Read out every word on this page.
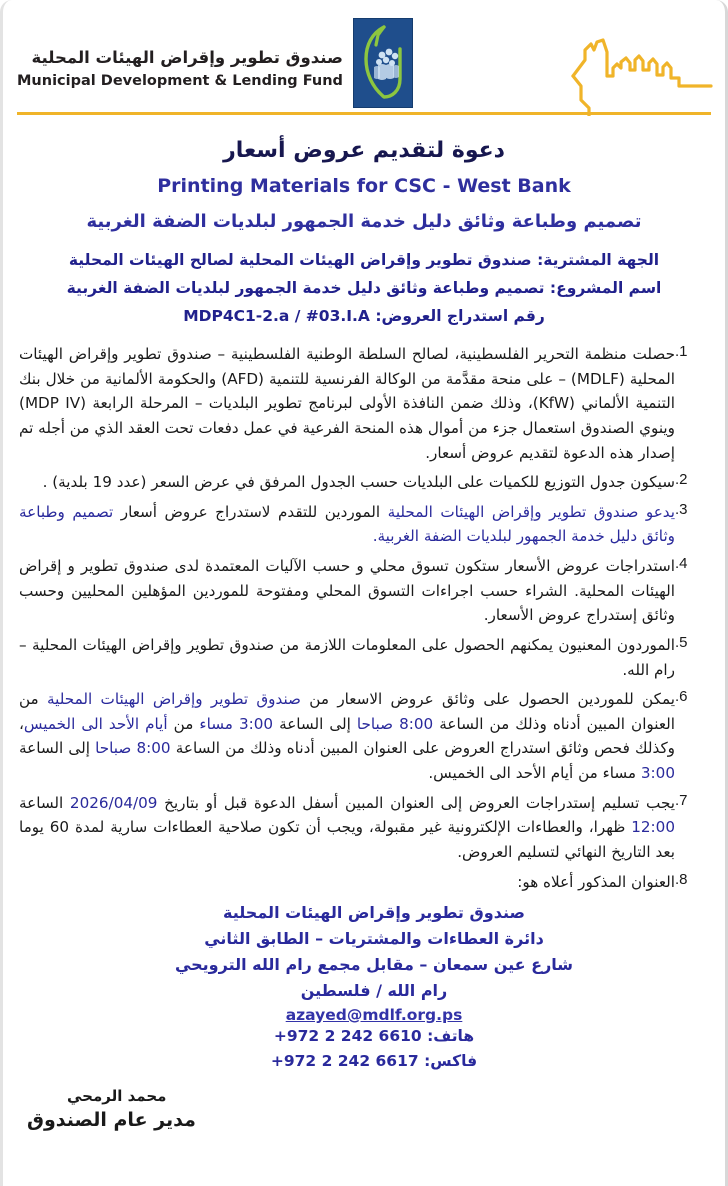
صندوق تطوير وإقراض الهيئات المحلية
Municipal Development & Lending Fund
دعوة لتقديم عروض أسعار
Printing Materials for CSC - West Bank
تصميم وطباعة وثائق دليل خدمة الجمهور لبلديات الضفة الغربية
الجهة المشترية: صندوق تطوير وإقراض الهيئات المحلية لصالح الهيئات المحلية
اسم المشروع: تصميم وطباعة وثائق دليل خدمة الجمهور لبلديات الضفة الغربية
رقم استدراج العروض: MDP4C1-2.a / #03.I.A
1.
حصلت منظمة التحرير الفلسطينية، لصالح السلطة الوطنية الفلسطينية – صندوق تطوير وإقراض الهيئات المحلية (MDLF) – على منحة مقدَّمة من الوكالة الفرنسية للتنمية (AFD) والحكومة الألمانية من خلال بنك التنمية الألماني (KfW)، وذلك ضمن النافذة الأولى لبرنامج تطوير البلديات – المرحلة الرابعة (MDP IV) وينوي الصندوق استعمال جزء من أموال هذه المنحة الفرعية في عمل دفعات تحت العقد الذي من أجله تم إصدار هذه الدعوة لتقديم عروض أسعار.
2.
سيكون جدول التوزيع للكميات على البلديات حسب الجدول المرفق في عرض السعر (عدد 19 بلدية) .
3.
يدعو صندوق تطوير وإقراض الهيئات المحلية الموردين للتقدم لاستدراج عروض أسعار تصميم وطباعة وثائق دليل خدمة الجمهور لبلديات الضفة الغربية.
4.
استدراجات عروض الأسعار ستكون تسوق محلي و حسب الآليات المعتمدة لدى صندوق تطوير و إقراض الهيئات المحلية. الشراء حسب اجراءات التسوق المحلي ومفتوحة للموردين المؤهلين المحليين وحسب وثائق إستدراج عروض الأسعار.
5.
الموردون المعنيون يمكنهم الحصول على المعلومات اللازمة من صندوق تطوير وإقراض الهيئات المحلية – رام الله.
6.
يمكن للموردين الحصول على وثائق عروض الاسعار من صندوق تطوير وإقراض الهيئات المحلية من العنوان المبين أدناه وذلك من الساعة 8:00 صباحا إلى الساعة 3:00 مساء من أيام الأحد الى الخميس، وكذلك فحص وثائق استدراج العروض على العنوان المبين أدناه وذلك من الساعة 8:00 صباحا إلى الساعة 3:00 مساء من أيام الأحد الى الخميس.
7.
يجب تسليم إستدراجات العروض إلى العنوان المبين أسفل الدعوة قبل أو بتاريخ 2026/04/09 الساعة 12:00 ظهرا، والعطاءات الإلكترونية غير مقبولة، ويجب أن تكون صلاحية العطاءات سارية لمدة 60 يوما بعد التاريخ النهائي لتسليم العروض.
8.
العنوان المذكور أعلاه هو:
صندوق تطوير وإقراض الهيئات المحلية
دائرة العطاءات والمشتريات – الطابق الثاني
شارع عين سمعان – مقابل مجمع رام الله الترويحي
رام الله / فلسطين
azayed@mdlf.org.ps
هاتف: +972 2 242 6610
فاكس: +972 2 242 6617
محمد الرمحي
مدير عام الصندوق
